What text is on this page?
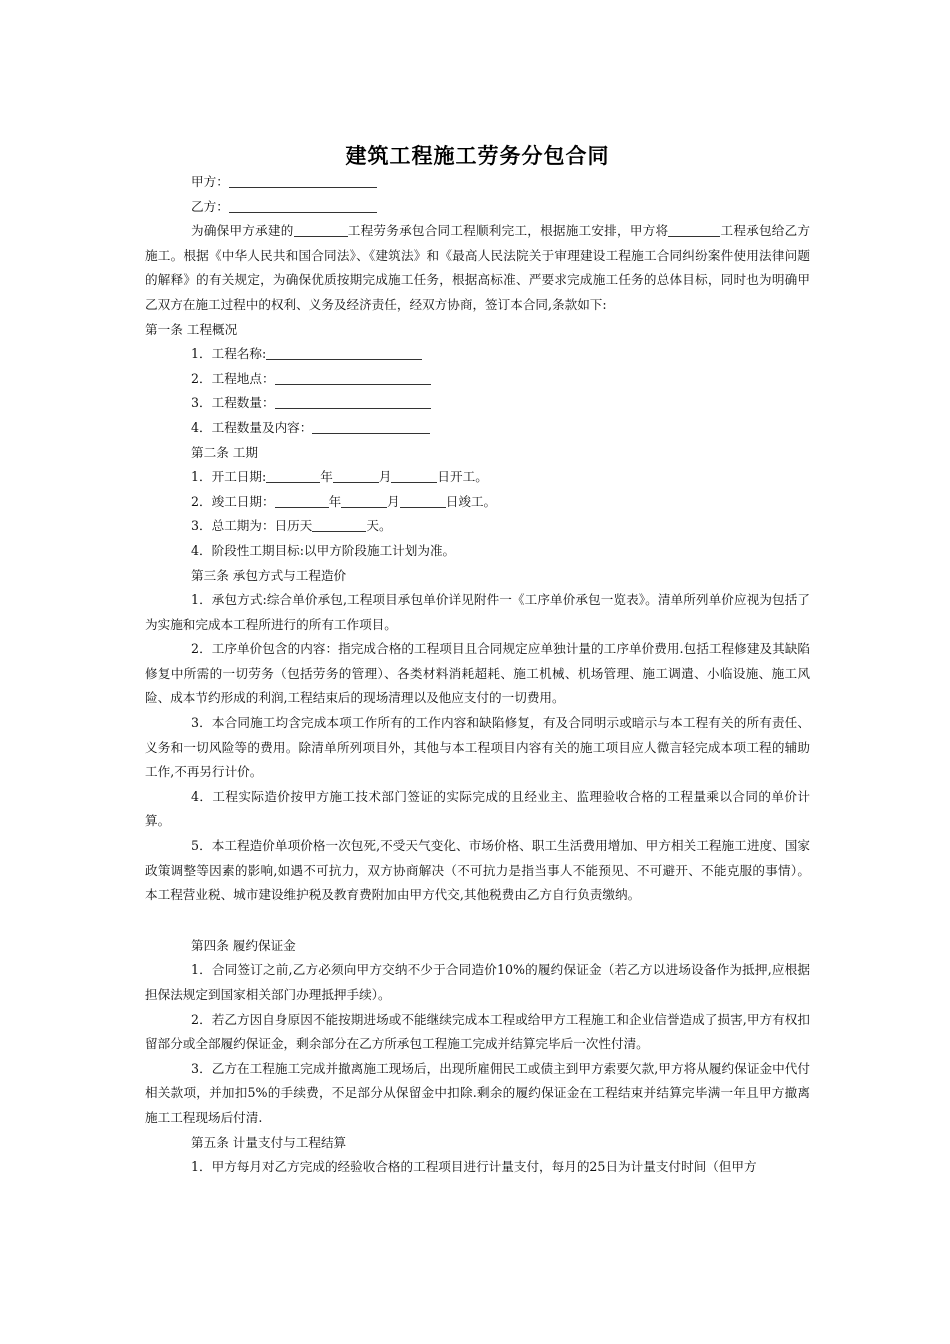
建筑工程施工劳务分包合同

甲方：

乙方：

为确保甲方承建的	工程劳务承包合同工程顺利完工，根据施工安排，甲方将	工程承包给乙方施工。根据《中华人民共和国合同法》、《建筑法》和《最高人民法院关于审理建设工程施工合同纠纷案件使用法律问题的解释》的有关规定，为确保优质按期完成施工任务，根据高标准、严要求完成施工任务的总体目标，同时也为明确甲乙双方在施工过程中的权利、义务及经济责任，经双方协商，签订本合同,条款如下:

第一条 工程概况

1．工程名称:

2．工程地点：

3．工程数量：

4．工程数量及内容：

第二条 工期

1．开工日期:	年	月	日开工。

2．竣工日期：	年	月	日竣工。

3．总工期为：日历天	天。

4．阶段性工期目标:以甲方阶段施工计划为准。

第三条 承包方式与工程造价

1．承包方式:综合单价承包,工程项目承包单价详见附件一《工序单价承包一览表》。清单所列单价应视为包括了为实施和完成本工程所进行的所有工作项目。

2．工序单价包含的内容：指完成合格的工程项目且合同规定应单独计量的工序单价费用.包括工程修建及其缺陷修复中所需的一切劳务（包括劳务的管理）、各类材料消耗超耗、施工机械、机场管理、施工调遣、小临设施、施工风险、成本节约形成的利润,工程结束后的现场清理以及他应支付的一切费用。

3．本合同施工均含完成本项工作所有的工作内容和缺陷修复，有及合同明示或暗示与本工程有关的所有责任、义务和一切风险等的费用。除清单所列项目外，其他与本工程项目内容有关的施工项目应人微言轻完成本项工程的辅助工作,不再另行计价。

4．工程实际造价按甲方施工技术部门签证的实际完成的且经业主、监理验收合格的工程量乘以合同的单价计算。

5．本工程造价单项价格一次包死,不受天气变化、市场价格、职工生活费用增加、甲方相关工程施工进度、国家政策调整等因素的影响,如遇不可抗力，双方协商解决（不可抗力是指当事人不能预见、不可避开、不能克服的事情）。本工程营业税、城市建设维护税及教育费附加由甲方代交,其他税费由乙方自行负责缴纳。

第四条 履约保证金

1．合同签订之前,乙方必须向甲方交纳不少于合同造价10%的履约保证金（若乙方以进场设备作为抵押,应根据担保法规定到国家相关部门办理抵押手续）。

2．若乙方因自身原因不能按期进场或不能继续完成本工程或给甲方工程施工和企业信誉造成了损害,甲方有权扣留部分或全部履约保证金，剩余部分在乙方所承包工程施工完成并结算完毕后一次性付清。

3．乙方在工程施工完成并撤离施工现场后，出现所雇佣民工或债主到甲方索要欠款,甲方将从履约保证金中代付相关款项，并加扣5%的手续费，不足部分从保留金中扣除.剩余的履约保证金在工程结束并结算完毕满一年且甲方撤离施工工程现场后付清.

第五条 计量支付与工程结算

1．甲方每月对乙方完成的经验收合格的工程项目进行计量支付，每月的25日为计量支付时间（但甲方
